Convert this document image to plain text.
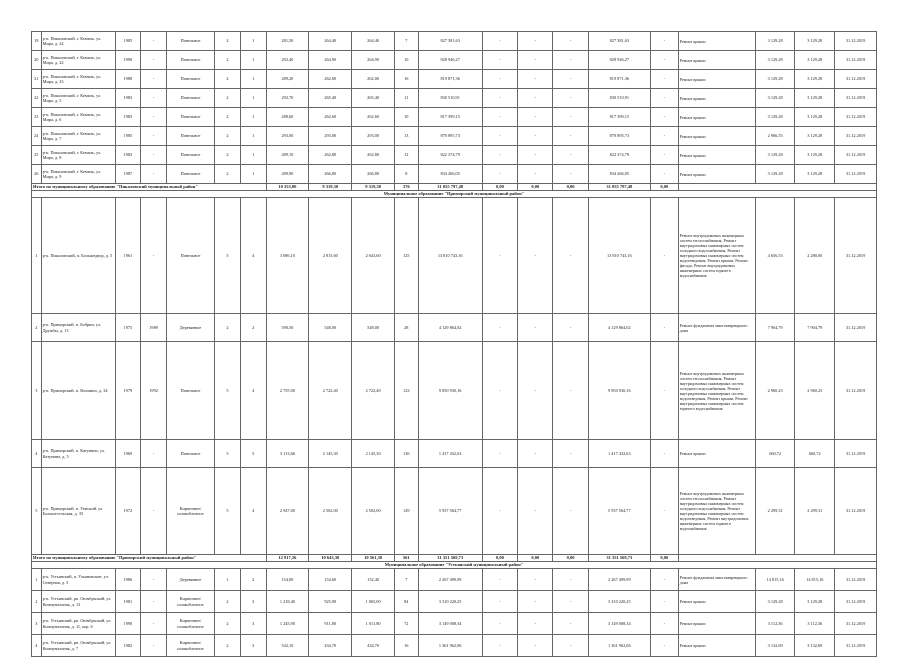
19	р-к. Пикаловский, г. Кемиль, ул. Мира, д. 24	1985	-	Панельное	2	1	281,50	264,40	264,40	7	827 381,63	-	-	-	827 381,63	-	Ремонт крыши	3 129,28	3 129,28	31.12.2019
20	р-к. Пикаловский, г. Кемиль, ул. Мира, д. 22	1990	-	Панельное	2	1	292,40	264,90	264,90	10	828 946,27	-	-	-	828 946,27	-	Ремонт крыши	3 129,28	3 129,28	31.12.2019
21	р-к. Пикаловский, г. Кемиль, ул. Мира, д. 23	1988	-	Панельное	2	1	289,20	262,00	262,00	16	819 871,36	-	-	-	819 871,36	-	Ремонт крыши	3 129,28	3 129,28	31.12.2019
22	р-к. Пикаловский, г. Кемиль, ул. Мира, д. 5	1983	-	Панельное	2	1	292,70	265,40	265,40	11	830 510,91	-	-	-	830 510,91	-	Ремонт крыши	3 129,28	3 129,28	31.12.2019
23	р-к. Пикаловский, г. Кемиль, ул. Мира, д. 6	1983	-	Панельное	2	1	288,60	262,60	262,60	10	817 399,15	-	-	-	817 399,15	-	Ремонт крыши	3 129,28	3 129,28	31.12.2019
24	р-к. Пикаловский, г. Кемиль, ул. Мира, д. 7	1985	-	Панельное	2	1	293,00	293,00	293,00	13	870 895,73	-	-	-	870 895,73	-	Ремонт крыши	2 966,55	3 129,28	31.12.2019
25	р-к. Пикаловский, г. Кемиль, ул. Мира, д. 8	1983	-	Панельное	2	1	289,10	262,80	262,80	12	822 374,79	-	-	-	822 374,79	-	Ремонт крыши	3 129,28	3 129,28	31.12.2019
26	р-к. Пикаловский, г. Кемиль, ул. Мира, д. 9	1987	-	Панельное	2	1	289,90	266,80	266,80	8	834 266,05	-	-	-	834 266,05	-	Ремонт крыши	3 129,28	3 129,28	31.12.2019
Итого по муниципальному образованию "Пикаловский муниципальный район"							10 353,80	9 319,30	9 319,30	376	31 055 797,48	0,00	0,00	0,00	31 055 797,48	0,00				
Муниципальное образование "Приморский муниципальный район"																				
1	р-к. Пикаловский, п. Большедвор, д. 5	1961	-	Панельное	5	4	3 086,10	2 815,60	2 643,60	125	13 810 743,16	-	-	-	13 810 743,16	-	Ремонт внутридомовых инженерных систем теплоснабжения, Ремонт внутридомовых инженерных систем холодного водоснабжения, Ремонт внутридомовых инженерных систем водоотведения, Ремонт крыши, Ремонт фасада, Ремонт внутридомовых инженерных систем горячего водоснабжения	4 656,53	2 280,00	31.12.2019
2	р-к. Приморский, п. Бобрин, ул. Дружбы, д. 13	1975	1989	Деревянное	2	2	590,50	548,00	548,00	28	4 129 864,02	-	-	-	4 129 864,02	-	Ремонт фундамента многоквартирного дома	7 904,79	7 904,79	31.12.2019
3	р-к. Приморский, п. Вохмино, д. 34	1979	1992	Панельное	5	4	2 755,00	2 722,40	2 722,40	123	9 850 930,16	-	-	-	9 850 930,16	-	Ремонт внутридомовых инженерных систем теплоснабжения, Ремонт внутридомовых инженерных систем холодного водоснабжения, Ремонт внутридомовых инженерных систем водоотведения, Ремонт крыши, Ремонт внутридомовых инженерных систем горячего водоснабжения	2 960,23	2 960,23	31.12.2019
4	р-к. Приморский, п. Катунино, ул. Катунина, д. 5	1969	-	Панельное	5	5	3 113,66	2 145,30	2 145,30	136	1 417 432,63	-	-	-	1 417 432,63	-	Ремонт крыши	660,72	660,72	31.12.2019
5	р-к. Приморский, п. Уемский, ул. Большесельская, д. 35	1972	-	Кирпичное/шлакоблочное	5	4	2 947,00	2 502,00	2 502,00	149	5 937 564,77	-	-	-	5 937 564,77	-	Ремонт внутридомовых инженерных систем теплоснабжения, Ремонт внутридомовых инженерных систем холодного водоснабжения, Ремонт внутридомовых инженерных систем водоотведения, Ремонт внутридомовых инженерных систем горячего водоснабжения	2 299,31	2 299,31	31.12.2019
Итого по муниципальному образованию "Приморский муниципальный район"							12 917,26	10 643,30	10 561,30	561	31 351 569,73	0,00	0,00	0,00	31 351 569,73	0,00				
Муниципальное образование "Устьянский муниципальный район"																				
1	р-к. Устьянский, п. Ульяновские, ул. Северная, д. 3	1986	-	Деревянное	1	2	154,00	154,60	152,40	7	2 267 499,99	-	-	-	2 267 499,99	-	Ремонт фундамента многоквартирного дома	14 815,16	14 815,16	31.12.2019
2	р-к. Устьянский, рп. Октябрьский, ул. Коммунальная, д. 13	1981	-	Кирпичное/шлакоблочное	2	3	1 218,40	925,90	1 065,00	84	3 310 220,25	-	-	-	3 310 220,25	-	Ремонт крыши	3 129,28	3 129,28	31.12.2019
3	р-к. Устьянский, рп. Октябрьский, ул. Коммунальная, д. 11, кор. 6	1990	-	Кирпичное/шлакоблочное	2	3	1 245,90	911,80	1 011,80	72	3 149 008,34	-	-	-	3 149 008,34	-	Ремонт крыши	3 112,36	3 112,36	31.12.2019
4	р-к. Устьянский, рп. Октябрьский, ул. Коммунальная, д. 7	1982	-	Кирпичное/шлакоблочное	2	3	542,10	434,70	434,70	16	1 361 962,06	-	-	-	1 361 962,06	-	Ремонт крыши	3 132,69	3 132,69	31.12.2019
